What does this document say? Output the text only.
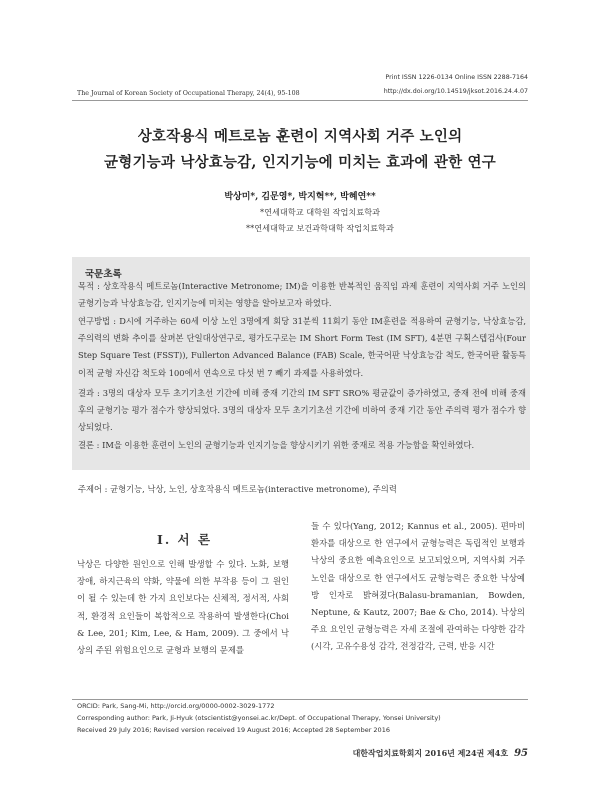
Print ISSN 1226-0134 Online ISSN 2288-7164
The Journal of Korean Society of Occupational Therapy, 24(4), 95-108	http://dx.doi.org/10.14519/jksot.2016.24.4.07
상호작용식 메트로놈 훈련이 지역사회 거주 노인의
균형기능과 낙상효능감, 인지기능에 미치는 효과에 관한 연구
박상미*, 김문영*, 박지혁**, 박혜연**
*연세대학교 대학원 작업치료학과
**연세대학교 보건과학대학 작업치료학과
국문초록
목적 : 상호작용식 메트로놈(Interactive Metronome; IM)을 이용한 반복적인 움직임 과제 훈련이 지역사회 거주 노인의 균형기능과 낙상효능감, 인지기능에 미치는 영향을 알아보고자 하였다.
연구방법 : D시에 거주하는 60세 이상 노인 3명에게 회당 31분씩 11회기 동안 IM훈련을 적용하여 균형기능, 낙상효능감, 주의력의 변화 추이를 살펴본 단일대상연구로, 평가도구로는 IM Short Form Test (IM SFT), 4분면 구획스텝검사(Four Step Square Test (FSST)), Fullerton Advanced Balance (FAB) Scale, 한국어판 낙상효능감 척도, 한국어판 활동특이적 균형 자신감 척도와 100에서 연속으로 다섯 번 7 빼기 과제를 사용하였다.
결과 : 3명의 대상자 모두 초기기초선 기간에 비해 중재 기간의 IM SFT SRO% 평균값이 증가하였고, 중재 전에 비해 중재 후의 균형기능 평가 점수가 향상되었다. 3명의 대상자 모두 초기기초선 기간에 비하여 중재 기간 동안 주의력 평가 점수가 향상되었다.
결론 : IM을 이용한 훈련이 노인의 균형기능과 인지기능을 향상시키기 위한 중재로 적용 가능함을 확인하였다.
주제어 : 균형기능, 낙상, 노인, 상호작용식 메트로놈(interactive metronome), 주의력
Ⅰ. 서 론
낙상은 다양한 원인으로 인해 발생할 수 있다. 노화, 보행 장애, 하지근육의 약화, 약물에 의한 부작용 등이 그 원인이 될 수 있는데 한 가지 요인보다는 신체적, 정서적, 사회적, 환경적 요인들이 복합적으로 작용하여 발생한다(Choi & Lee, 201; Kim, Lee, & Ham, 2009). 그 중에서 낙상의 주된 위험요인으로 균형과 보행의 문제를
들 수 있다(Yang, 2012; Kannus et al., 2005). 편마비 환자를 대상으로 한 연구에서 균형능력은 독립적인 보행과 낙상의 중요한 예측요인으로 보고되었으며, 지역사회 거주 노인을 대상으로 한 연구에서도 균형능력은 중요한 낙상예방 인자로 밝혀졌다(Balasu-bramanian, Bowden, Neptune, & Kautz, 2007; Bae & Cho, 2014). 낙상의 주요 요인인 균형능력은 자세 조절에 관여하는 다양한 감각(시각, 고유수용성 감각, 전정감각, 근력, 반응 시간
ORCID: Park, Sang-Mi, http://orcid.org/0000-0002-3029-1772
Corresponding author: Park, Ji-Hyuk (otscientist@yonsei.ac.kr/Dept. of Occupational Therapy, Yonsei University)
Received 29 July 2016; Revised version received 19 August 2016; Accepted 28 September 2016
대한작업치료학회지 2016년 제24권 제4호 95
